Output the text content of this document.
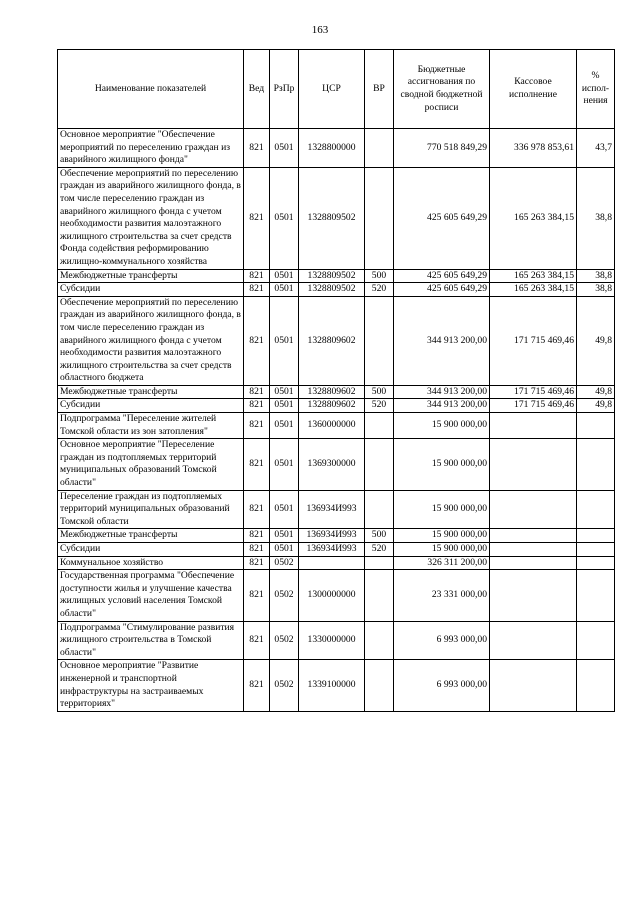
163
Наименование показателей	Вед	РзПр	ЦСР	ВР	Бюджетные ассигнования по сводной бюджетной росписи	Кассовое исполнение	% испол- нения
Основное мероприятие "Обеспечение мероприятий по переселению граждан из аварийного жилищного фонда"	821	0501	1328800000		770 518 849,29	336 978 853,61	43,7
Обеспечение мероприятий по переселению граждан из аварийного жилищного фонда, в том числе переселению граждан из аварийного жилищного фонда с учетом необходимости развития малоэтажного жилищного строительства за счет средств Фонда содействия реформированию жилищно-коммунального хозяйства	821	0501	1328809502		425 605 649,29	165 263 384,15	38,8
Межбюджетные трансферты	821	0501	1328809502	500	425 605 649,29	165 263 384,15	38,8
Субсидии	821	0501	1328809502	520	425 605 649,29	165 263 384,15	38,8
Обеспечение мероприятий по переселению граждан из аварийного жилищного фонда, в том числе переселению граждан из аварийного жилищного фонда с учетом необходимости развития малоэтажного жилищного строительства за счет средств областного бюджета	821	0501	1328809602		344 913 200,00	171 715 469,46	49,8
Межбюджетные трансферты	821	0501	1328809602	500	344 913 200,00	171 715 469,46	49,8
Субсидии	821	0501	1328809602	520	344 913 200,00	171 715 469,46	49,8
Подпрограмма "Переселение жителей Томской области из зон затопления"	821	0501	1360000000		15 900 000,00		
Основное мероприятие "Переселение граждан из подтопляемых территорий муниципальных образований Томской области"	821	0501	1369300000		15 900 000,00		
Переселение граждан из подтопляемых территорий муниципальных образований Томской области	821	0501	136934И993		15 900 000,00		
Межбюджетные трансферты	821	0501	136934И993	500	15 900 000,00		
Субсидии	821	0501	136934И993	520	15 900 000,00		
Коммунальное хозяйство	821	0502			326 311 200,00		
Государственная программа "Обеспечение доступности жилья и улучшение качества жилищных условий населения Томской области"	821	0502	1300000000		23 331 000,00		
Подпрограмма "Стимулирование развития жилищного строительства в Томской области"	821	0502	1330000000		6 993 000,00		
Основное мероприятие "Развитие инженерной и транспортной инфраструктуры на застраиваемых территориях"	821	0502	1339100000		6 993 000,00		
